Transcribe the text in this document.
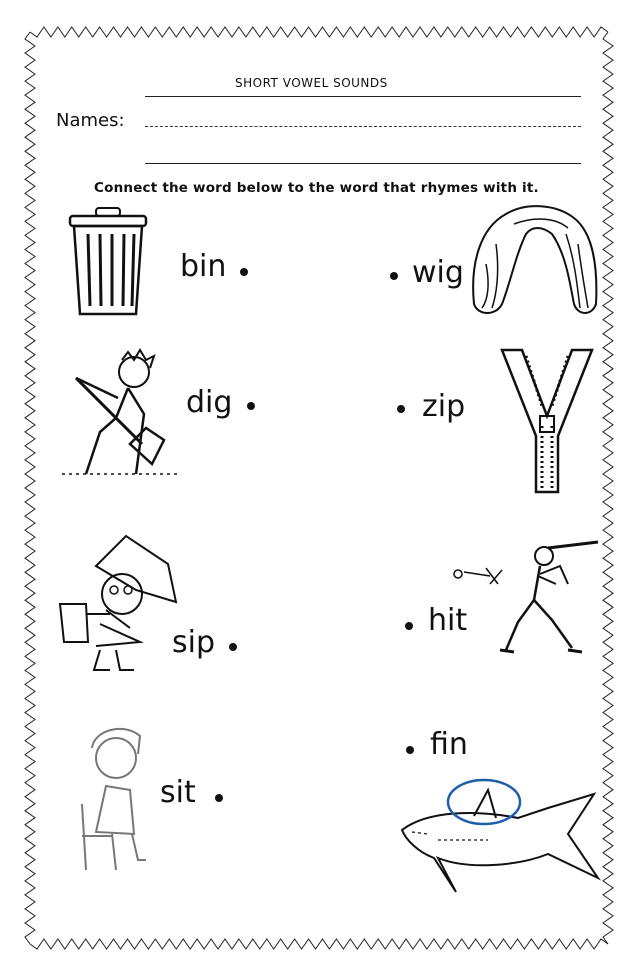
SHORT VOWEL SOUNDS
Names:
Connect the word below to the word that rhymes with it.
bin	wig
dig	zip
sip
hit
sit
fin
